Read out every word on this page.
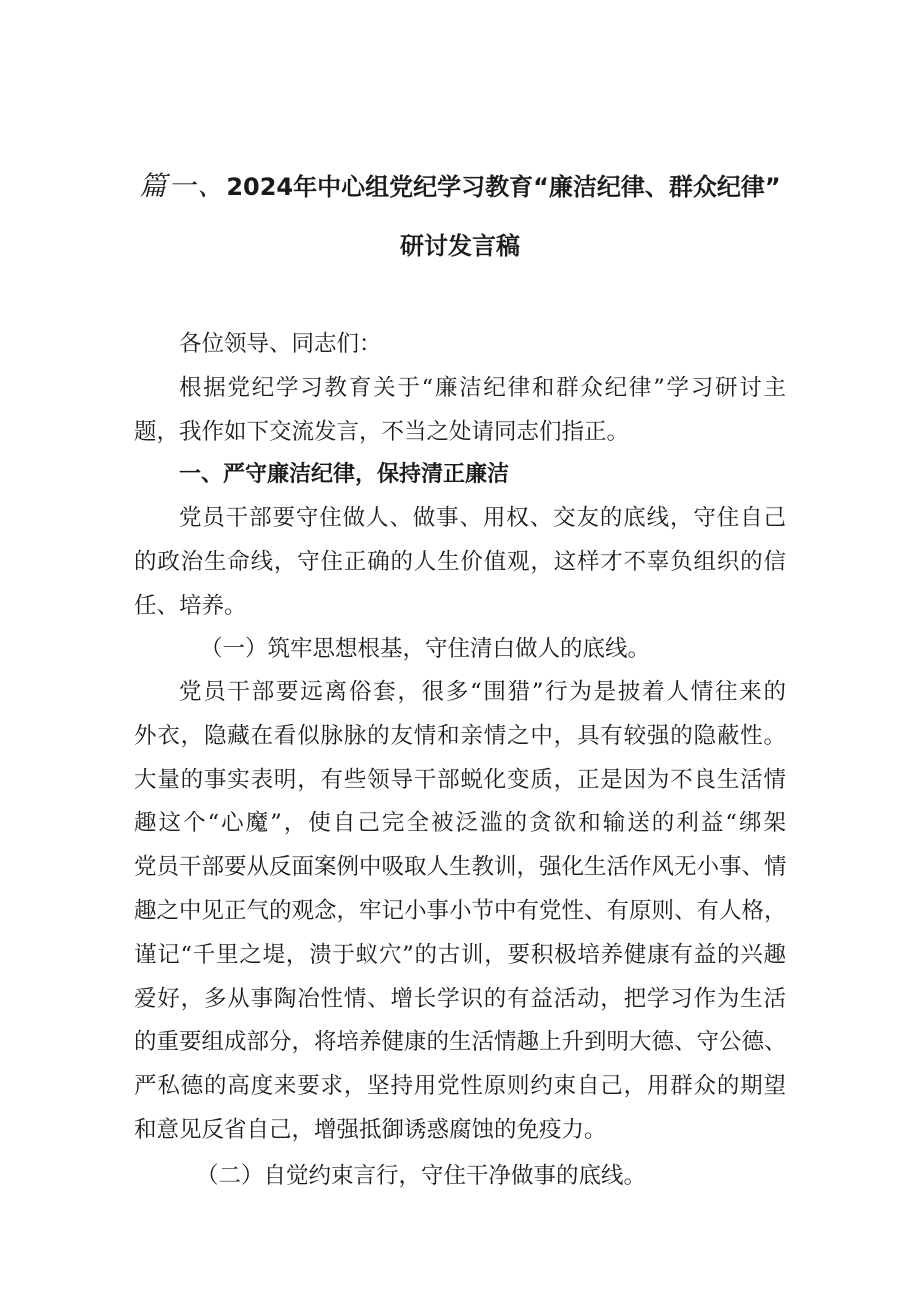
篇一、2024年中心组党纪学习教育“廉洁纪律、群众纪律”
研讨发言稿

各位领导、同志们：

根据党纪学习教育关于“廉洁纪律和群众纪律”学习研讨主
题，我作如下交流发言，不当之处请同志们指正。

一、严守廉洁纪律，保持清正廉洁

党员干部要守住做人、做事、用权、交友的底线，守住自己
的政治生命线，守住正确的人生价值观，这样才不辜负组织的信
任、培养。

（一）筑牢思想根基，守住清白做人的底线。

党员干部要远离俗套，很多“围猎”行为是披着人情往来的
外衣，隐藏在看似脉脉的友情和亲情之中，具有较强的隐蔽性。
大量的事实表明，有些领导干部蜕化变质，正是因为不良生活情
趣这个“心魔”，使自己完全被泛滥的贪欲和输送的利益“绑架
党员干部要从反面案例中吸取人生教训，强化生活作风无小事、情
趣之中见正气的观念，牢记小事小节中有党性、有原则、有人格，
谨记“千里之堤，溃于蚁穴”的古训，要积极培养健康有益的兴趣
爱好，多从事陶冶性情、增长学识的有益活动，把学习作为生活
的重要组成部分，将培养健康的生活情趣上升到明大德、守公德、
严私德的高度来要求，坚持用党性原则约束自己，用群众的期望
和意见反省自己，增强抵御诱惑腐蚀的免疫力。

（二）自觉约束言行，守住干净做事的底线。
